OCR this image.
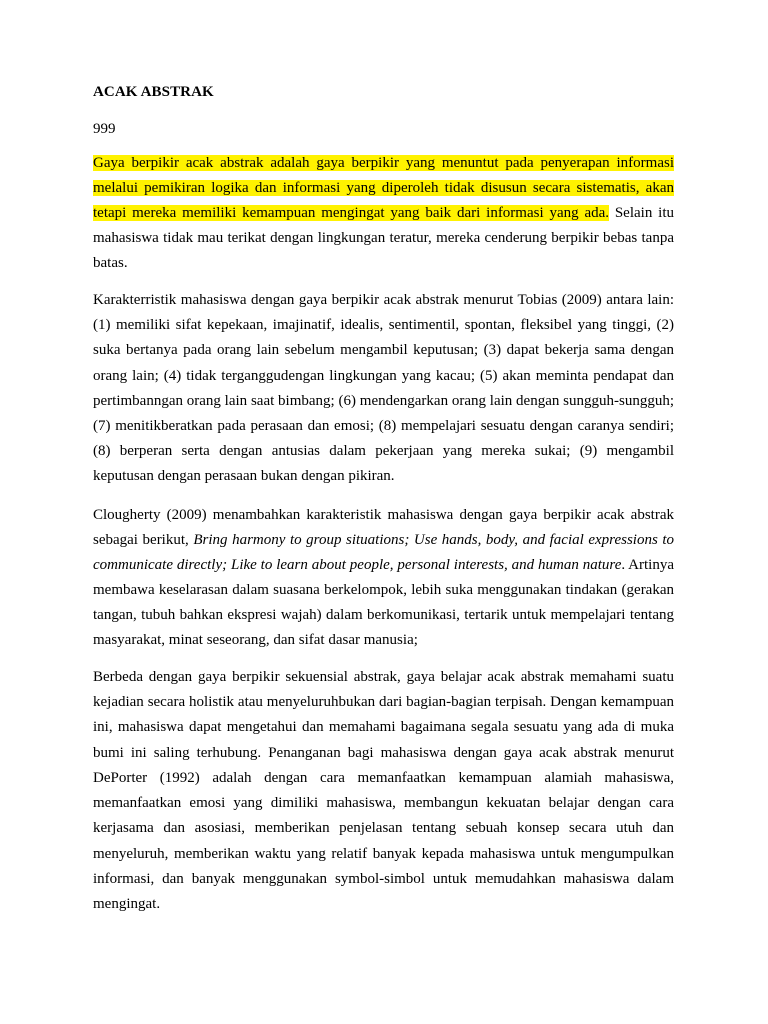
ACAK ABSTRAK

999

Gaya berpikir acak abstrak adalah gaya berpikir yang menuntut pada penyerapan informasi melalui pemikiran logika dan informasi yang diperoleh tidak disusun secara sistematis, akan tetapi mereka memiliki kemampuan mengingat yang baik dari informasi yang ada. Selain itu mahasiswa tidak mau terikat dengan lingkungan teratur, mereka cenderung berpikir bebas tanpa batas.

Karakterristik mahasiswa dengan gaya berpikir acak abstrak menurut Tobias (2009) antara lain: (1) memiliki sifat kepekaan, imajinatif, idealis, sentimentil, spontan, fleksibel yang tinggi, (2) suka bertanya pada orang lain sebelum mengambil keputusan; (3) dapat bekerja sama dengan orang lain; (4) tidak terganggudengan lingkungan yang kacau; (5) akan meminta pendapat dan pertimbanngan orang lain saat bimbang; (6) mendengarkan orang lain dengan sungguh-sungguh; (7) menitikberatkan pada perasaan dan emosi; (8) mempelajari sesuatu dengan caranya sendiri; (8) berperan serta dengan antusias dalam pekerjaan yang mereka sukai; (9) mengambil keputusan dengan perasaan bukan dengan pikiran.

Clougherty (2009) menambahkan karakteristik mahasiswa dengan gaya berpikir acak abstrak sebagai berikut, Bring harmony to group situations; Use hands, body, and facial expressions to communicate directly; Like to learn about people, personal interests, and human nature. Artinya membawa keselarasan dalam suasana berkelompok, lebih suka menggunakan tindakan (gerakan tangan, tubuh bahkan ekspresi wajah) dalam berkomunikasi, tertarik untuk mempelajari tentang masyarakat, minat seseorang, dan sifat dasar manusia;

Berbeda dengan gaya berpikir sekuensial abstrak, gaya belajar acak abstrak memahami suatu kejadian secara holistik atau menyeluruhbukan dari bagian-bagian terpisah. Dengan kemampuan ini, mahasiswa dapat mengetahui dan memahami bagaimana segala sesuatu yang ada di muka bumi ini saling terhubung. Penanganan bagi mahasiswa dengan gaya acak abstrak menurut DePorter (1992) adalah dengan cara memanfaatkan kemampuan alamiah mahasiswa, memanfaatkan emosi yang dimiliki mahasiswa, membangun kekuatan belajar dengan cara kerjasama dan asosiasi, memberikan penjelasan tentang sebuah konsep secara utuh dan menyeluruh, memberikan waktu yang relatif banyak kepada mahasiswa untuk mengumpulkan informasi, dan banyak menggunakan symbol-simbol untuk memudahkan mahasiswa dalam mengingat.
